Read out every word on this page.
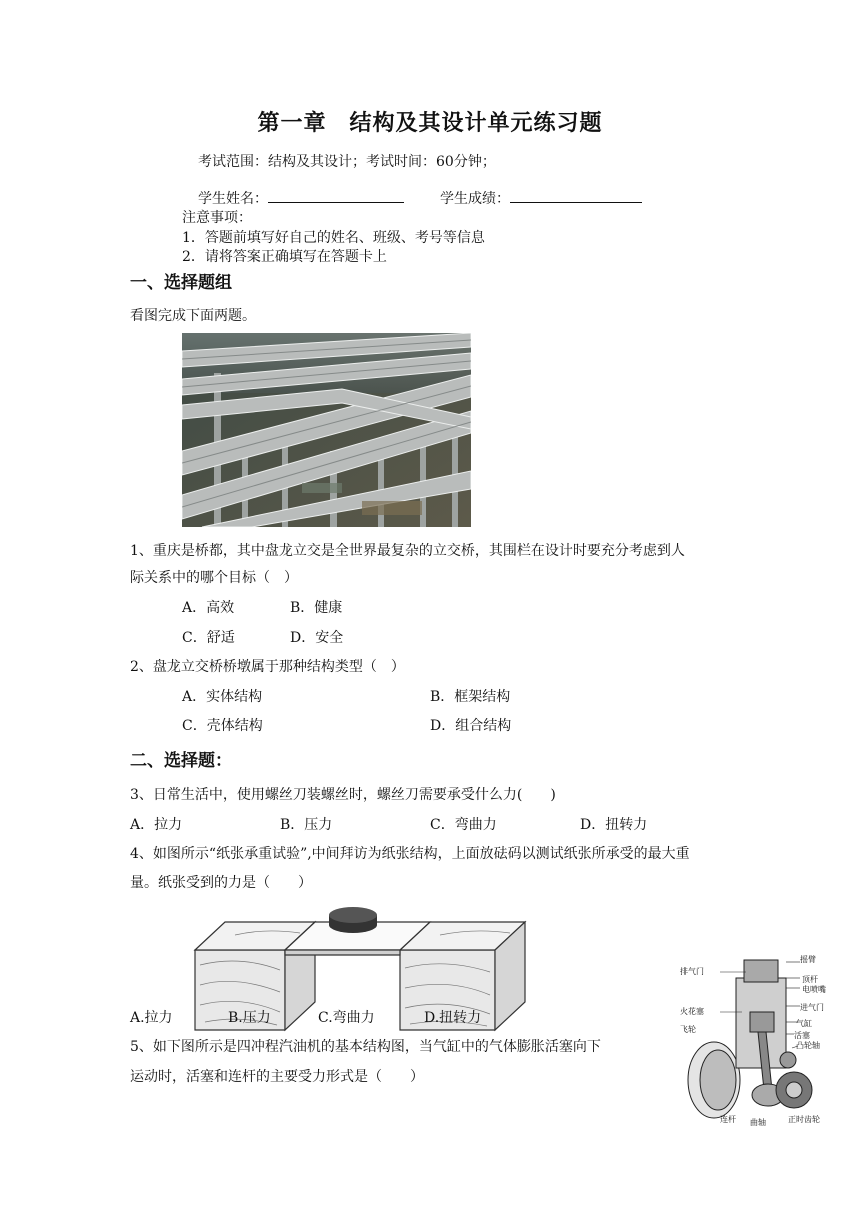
第一章　结构及其设计单元练习题
考试范围：结构及其设计；考试时间：60分钟；
学生姓名：	学生成绩：
注意事项：
1．答题前填写好自己的姓名、班级、考号等信息
2．请将答案正确填写在答题卡上
一、选择题组
看图完成下面两题。
1、重庆是桥都，其中盘龙立交是全世界最复杂的立交桥，其围栏在设计时要充分考虑到人
际关系中的哪个目标（　）
A．高效	B．健康
C．舒适	D．安全
2、盘龙立交桥桥墩属于那种结构类型（　）
A．实体结构	B．框架结构
C．壳体结构	D．组合结构
二、选择题：
3、日常生活中，使用螺丝刀装螺丝时，螺丝刀需要承受什么力(　　)
A．拉力	B．压力	C．弯曲力	D．扭转力
4、如图所示“纸张承重试验”,中间拜访为纸张结构，上面放砝码以测试纸张所承受的最大重
量。纸张受到的力是（　　）
A.拉力	B.压力	C.弯曲力	D.扭转力
5、如下图所示是四冲程汽油机的基本结构图，当气缸中的气体膨胀活塞向下
运动时，活塞和连杆的主要受力形式是（　　）
摇臂
排气门
电喷嘴
顶杆
火花塞	进气门
气缸
活塞
飞轮
凸轮轴
连杆 曲轴	正时齿轮
